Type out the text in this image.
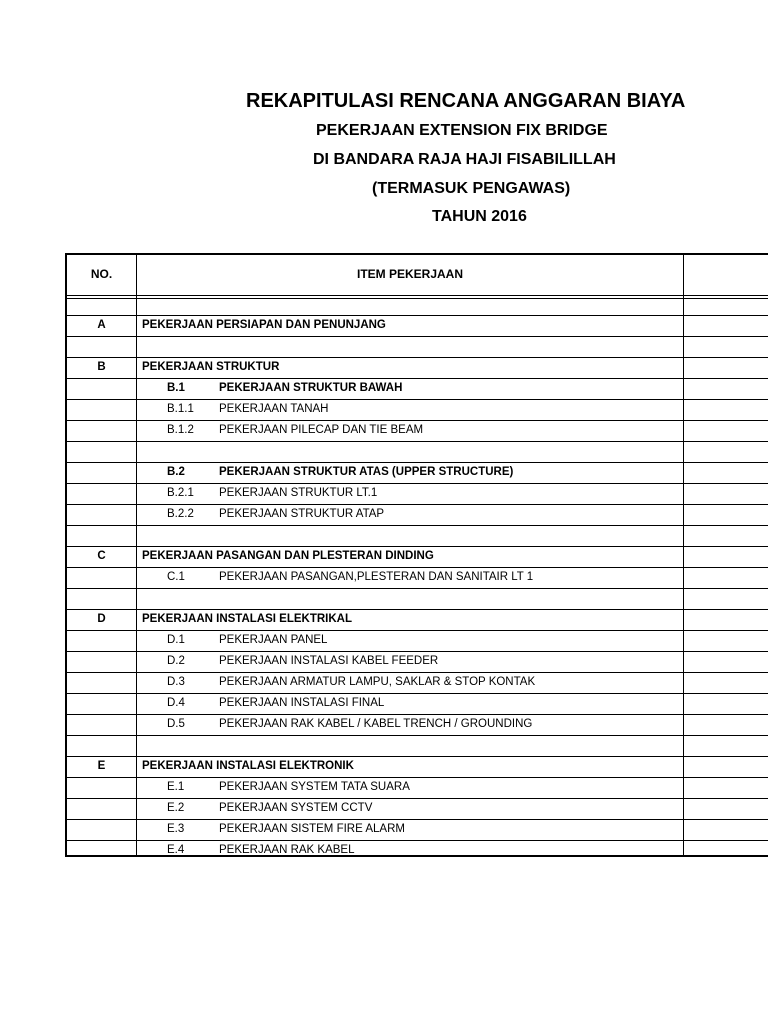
REKAPITULASI RENCANA ANGGARAN BIAYA
PEKERJAAN EXTENSION FIX BRIDGE
DI BANDARA RAJA HAJI FISABILILLAH
(TERMASUK PENGAWAS)
TAHUN 2016
NO.	ITEM PEKERJAAN
A	PEKERJAAN PERSIAPAN DAN PENUNJANG
B	PEKERJAAN STRUKTUR
B.1	PEKERJAAN STRUKTUR BAWAH
B.1.1 PEKERJAAN TANAH
B.1.2 PEKERJAAN PILECAP DAN TIE BEAM
B.2	PEKERJAAN STRUKTUR ATAS (UPPER STRUCTURE)
B.2.1 PEKERJAAN STRUKTUR LT.1
B.2.2 PEKERJAAN STRUKTUR ATAP
C	PEKERJAAN PASANGAN DAN PLESTERAN DINDING
C.1	PEKERJAAN PASANGAN,PLESTERAN DAN SANITAIR LT 1
D	PEKERJAAN INSTALASI ELEKTRIKAL
D.1	PEKERJAAN PANEL
D.2	PEKERJAAN INSTALASI KABEL FEEDER
D.3	PEKERJAAN ARMATUR LAMPU, SAKLAR & STOP KONTAK
D.4	PEKERJAAN INSTALASI FINAL
D.5	PEKERJAAN RAK KABEL / KABEL TRENCH / GROUNDING
E	PEKERJAAN INSTALASI ELEKTRONIK
E.1	PEKERJAAN SYSTEM TATA SUARA
E.2	PEKERJAAN SYSTEM CCTV
E.3	PEKERJAAN SISTEM FIRE ALARM
E.4	PEKERJAAN RAK KABEL
